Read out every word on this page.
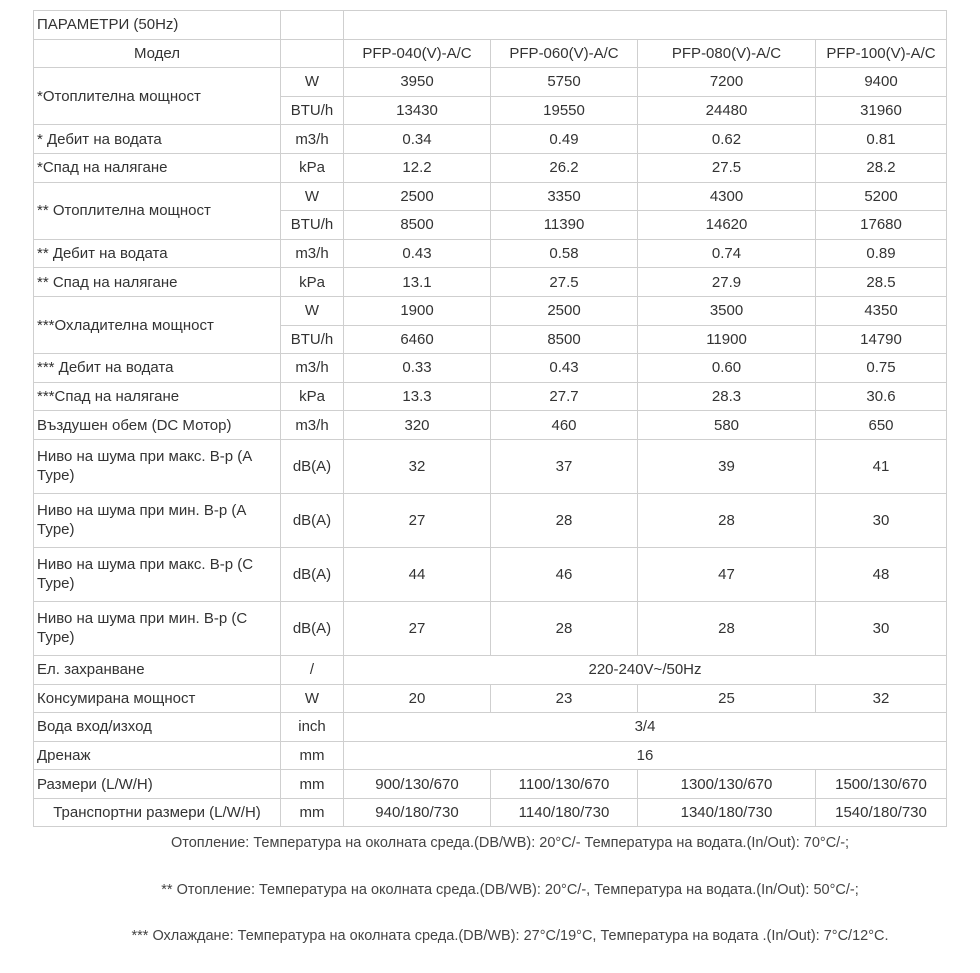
ПАРАМЕТРИ (50Hz)					
Модел		PFP-040(V)-A/C	PFP-060(V)-A/C	PFP-080(V)-A/C	PFP-100(V)-A/C
*Отоплителна мощност	W	3950	5750	7200	9400
	BTU/h	13430	19550	24480	31960
* Дебит на водата	m3/h	0.34	0.49	0.62	0.81
*Спад на налягане	kPa	12.2	26.2	27.5	28.2
** Отоплителна мощност	W	2500	3350	4300	5200
	BTU/h	8500	11390	14620	17680
** Дебит на водата	m3/h	0.43	0.58	0.74	0.89
** Спад на налягане	kPa	13.1	27.5	27.9	28.5
***Охладителна мощност	W	1900	2500	3500	4350
	BTU/h	6460	8500	11900	14790
*** Дебит на водата	m3/h	0.33	0.43	0.60	0.75
***Спад на налягане	kPa	13.3	27.7	28.3	30.6
Въздушен обем (DC Мотор)	m3/h	320	460	580	650
Ниво на шума при макс. В-р (A Type)	dB(A)	32	37	39	41
Ниво на шума при мин. В-р (A Type)	dB(A)	27	28	28	30
Ниво на шума при макс. В-р (C Type)	dB(A)	44	46	47	48
Ниво на шума при мин. В-р (C Type)	dB(A)	27	28	28	30
Ел. захранване	/	220-240V~/50Hz			
Консумирана мощност	W	20	23	25	32
Вода вход/изход	inch	3/4			
Дренаж	mm	16			
Размери (L/W/H)	mm	900/130/670	1100/130/670	1300/130/670	1500/130/670
Транспортни размери (L/W/H)	mm	940/180/730	1140/180/730	1340/180/730	1540/180/730
Отопление: Температура на околната среда.(DB/WB): 20°C/- Температура на водата.(In/Out): 70°C/-;
** Отопление: Температура на околната среда.(DB/WB): 20°C/-, Температура на водата.(In/Out): 50°C/-;
*** Охлаждане: Температура на околната среда.(DB/WB): 27°C/19°C, Температура на водата .(In/Out): 7°C/12°C.
